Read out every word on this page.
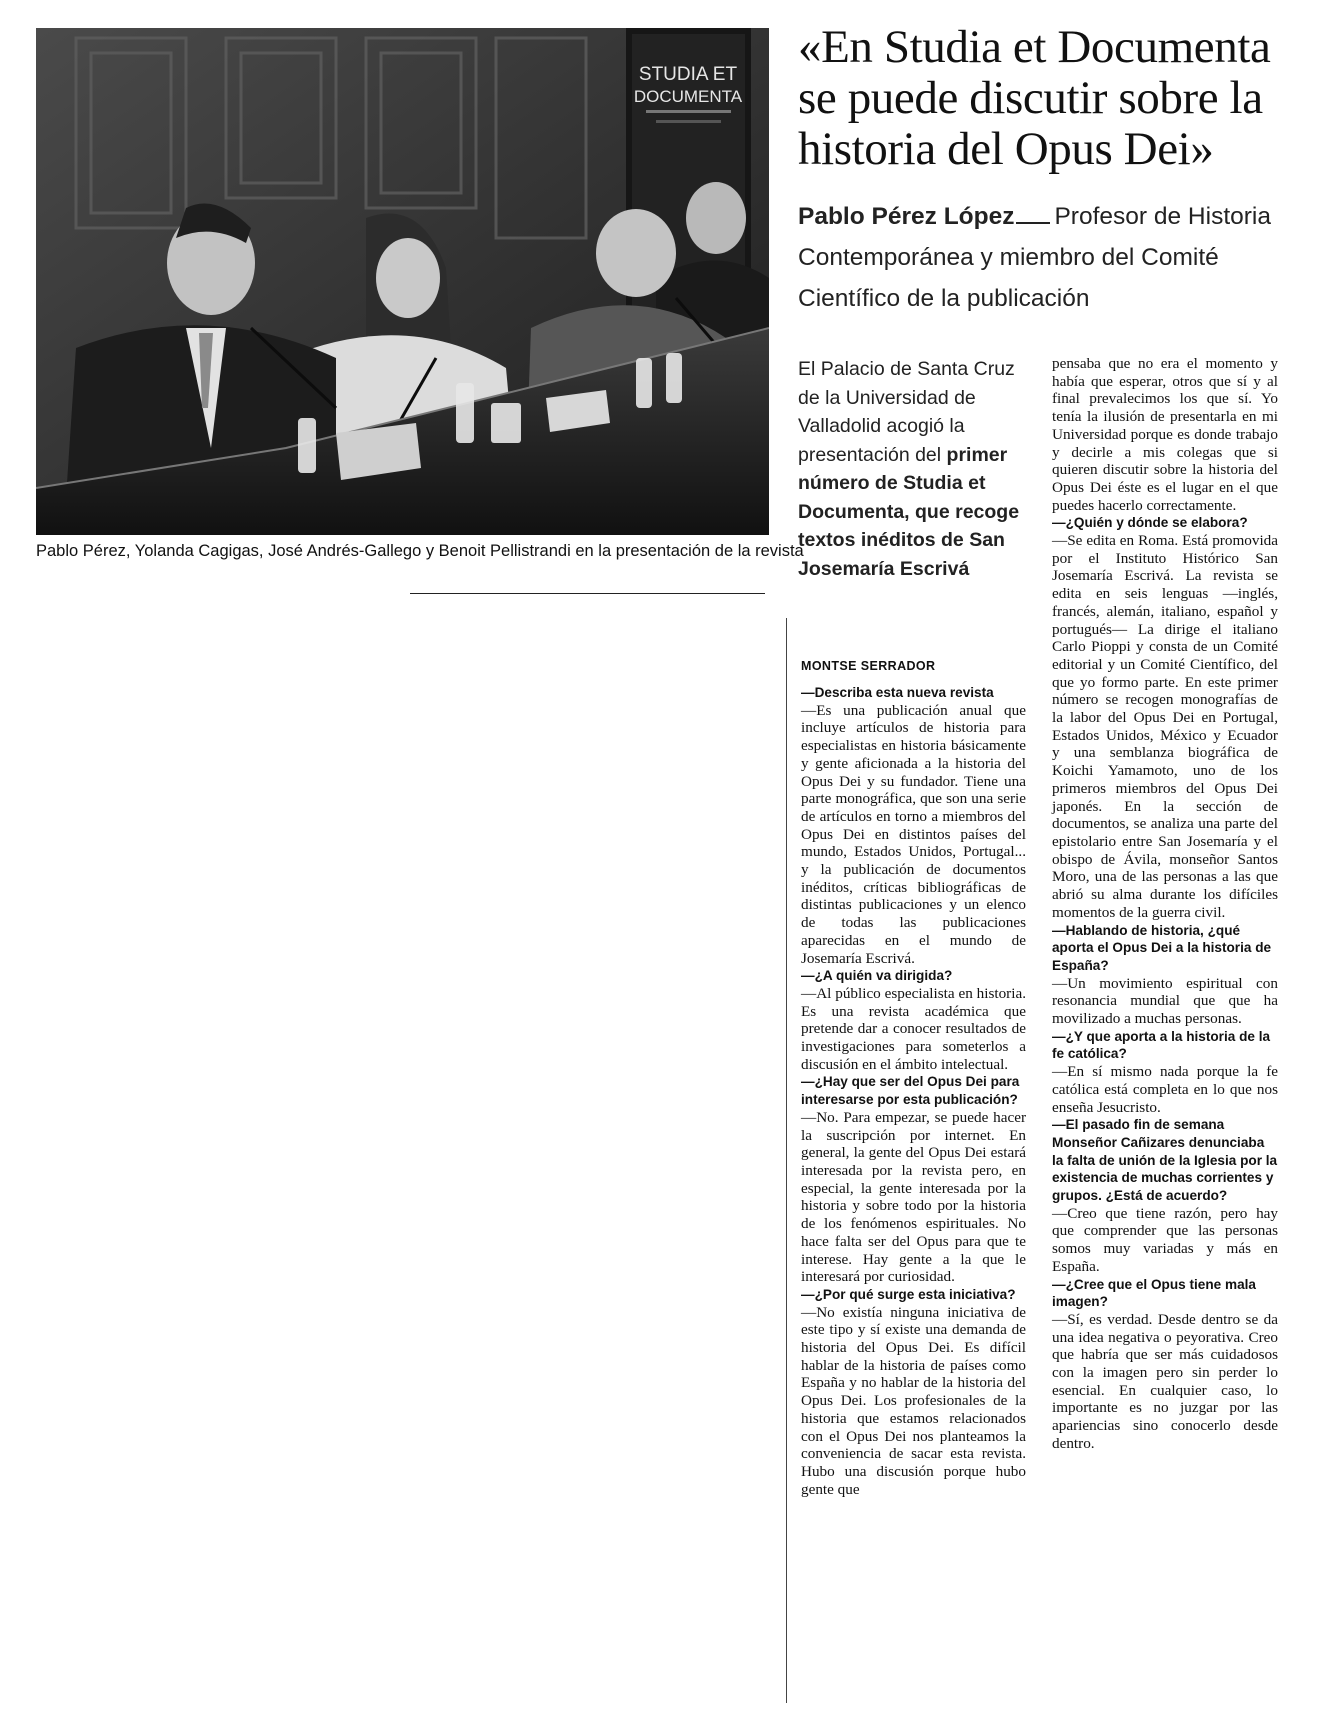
STUDIA ET
DOCUMENTA
Pablo Pérez, Yolanda Cagigas, José Andrés-Gallego y Benoit Pellistrandi en la presentación de la revista
«En Studia et Documenta se puede discutir sobre la historia del Opus Dei»
Pablo Pérez López Profesor de Historia Contemporánea y miembro del Comité Científico de la publicación
El Palacio de Santa Cruz de la Universidad de Valladolid acogió la presentación del primer número de Studia et Documenta, que recoge textos inéditos de San Josemaría Escrivá
MONTSE SERRADOR

—Describa esta nueva revista

—Es una publicación anual que incluye artículos de historia para especialistas en historia básicamente y gente aficionada a la historia del Opus Dei y su fundador. Tiene una parte monográfica, que son una serie de artículos en torno a miembros del Opus Dei en distintos países del mundo, Estados Unidos, Portugal... y la publicación de documentos inéditos, críticas bibliográficas de distintas publicaciones y un elenco de todas las publicaciones aparecidas en el mundo de Josemaría Escrivá.

—¿A quién va dirigida?

—Al público especialista en historia. Es una revista académica que pretende dar a conocer resultados de investigaciones para someterlos a discusión en el ámbito intelectual.

—¿Hay que ser del Opus Dei para interesarse por esta publicación?

—No. Para empezar, se puede hacer la suscripción por internet. En general, la gente del Opus Dei estará interesada por la revista pero, en especial, la gente interesada por la historia y sobre todo por la historia de los fenómenos espirituales. No hace falta ser del Opus para que te interese. Hay gente a la que le interesará por curiosidad.

—¿Por qué surge esta iniciativa?

—No existía ninguna iniciativa de este tipo y sí existe una demanda de historia del Opus Dei. Es difícil hablar de la historia de países como España y no hablar de la historia del Opus Dei. Los profesionales de la historia que estamos relacionados con el Opus Dei nos planteamos la conveniencia de sacar esta revista. Hubo una discusión porque hubo gente que

pensaba que no era el momento y había que esperar, otros que sí y al final prevalecimos los que sí. Yo tenía la ilusión de presentarla en mi Universidad porque es donde trabajo y decirle a mis colegas que si quieren discutir sobre la historia del Opus Dei éste es el lugar en el que puedes hacerlo correctamente.

—¿Quién y dónde se elabora?

—Se edita en Roma. Está promovida por el Instituto Histórico San Josemaría Escrivá. La revista se edita en seis lenguas —inglés, francés, alemán, italiano, español y portugués— La dirige el italiano Carlo Pioppi y consta de un Comité editorial y un Comité Científico, del que yo formo parte. En este primer número se recogen monografías de la labor del Opus Dei en Portugal, Estados Unidos, México y Ecuador y una semblanza biográfica de Koichi Yamamoto, uno de los primeros miembros del Opus Dei japonés. En la sección de documentos, se analiza una parte del epistolario entre San Josemaría y el obispo de Ávila, monseñor Santos Moro, una de las personas a las que abrió su alma durante los difíciles momentos de la guerra civil.

—Hablando de historia, ¿qué aporta el Opus Dei a la historia de España?

—Un movimiento espiritual con resonancia mundial que que ha movilizado a muchas personas.

—¿Y que aporta a la historia de la fe católica?

—En sí mismo nada porque la fe católica está completa en lo que nos enseña Jesucristo.

—El pasado fin de semana Monseñor Cañizares denunciaba la falta de unión de la Iglesia por la existencia de muchas corrientes y grupos. ¿Está de acuerdo?

—Creo que tiene razón, pero hay que comprender que las personas somos muy variadas y más en España.

—¿Cree que el Opus tiene mala imagen?

—Sí, es verdad. Desde dentro se da una idea negativa o peyorativa. Creo que habría que ser más cuidadosos con la imagen pero sin perder lo esencial. En cualquier caso, lo importante es no juzgar por las apariencias sino conocerlo desde dentro.
